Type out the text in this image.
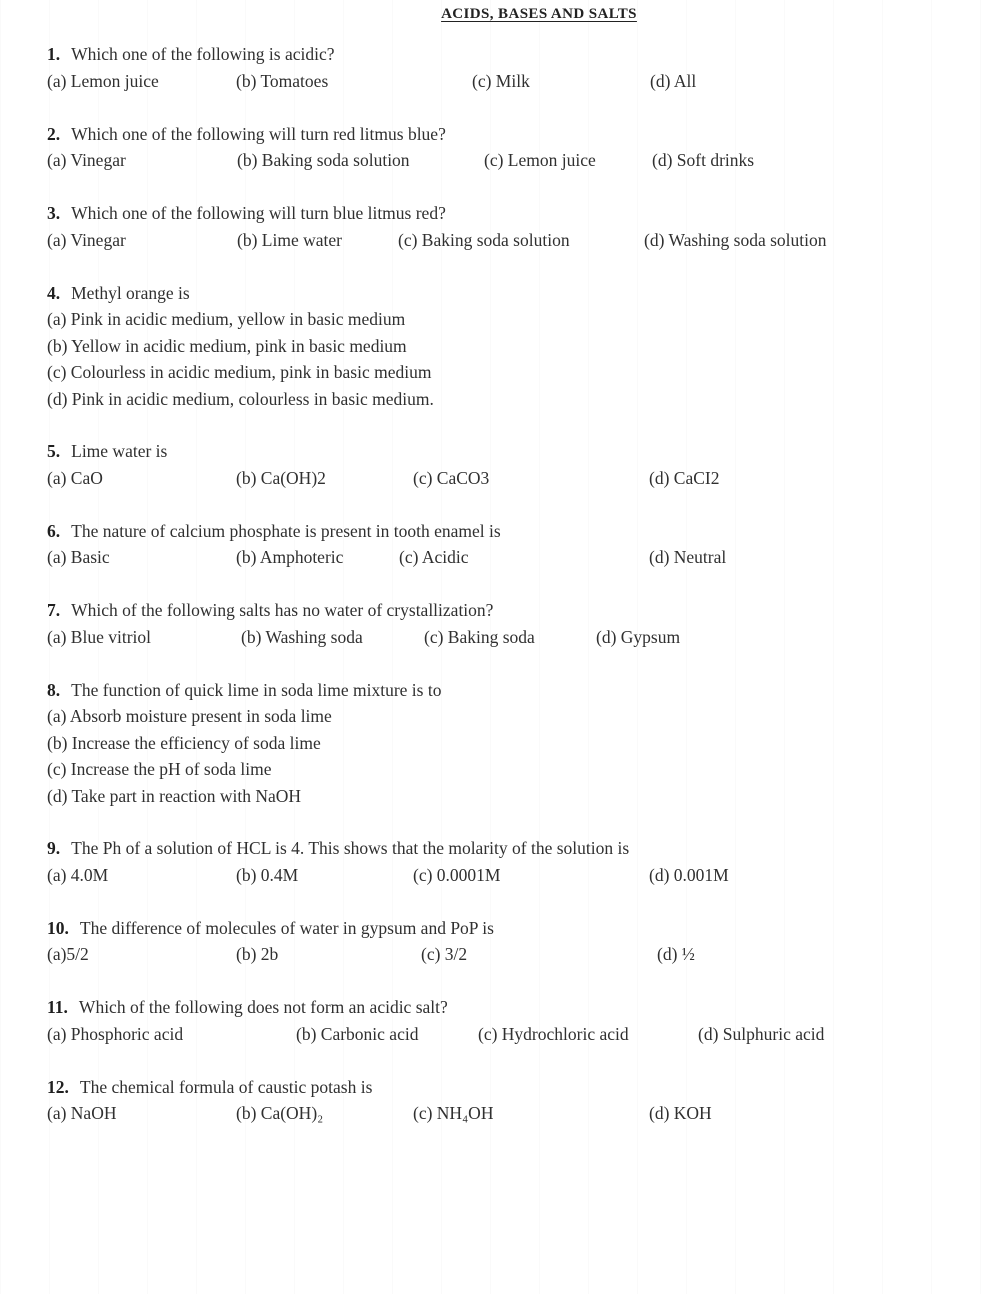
ACIDS, BASES AND SALTS
1. Which one of the following is acidic?
(a) Lemon juice	(b) Tomatoes	(c) Milk	(d) All
2. Which one of the following will turn red litmus blue?
(a) Vinegar	(b) Baking soda solution	(c) Lemon juice	(d) Soft drinks
3. Which one of the following will turn blue litmus red?
(a) Vinegar	(b) Lime water	(c) Baking soda solution	(d) Washing soda solution
4. Methyl orange is
(a) Pink in acidic medium, yellow in basic medium
(b) Yellow in acidic medium, pink in basic medium
(c) Colourless in acidic medium, pink in basic medium
(d) Pink in acidic medium, colourless in basic medium.
5. Lime water is
(a) CaO	(b) Ca(OH)2	(c) CaCO3	(d) CaCI2
6. The nature of calcium phosphate is present in tooth enamel is
(a) Basic	(b) Amphoteric	(c) Acidic	(d) Neutral
7. Which of the following salts has no water of crystallization?
(a) Blue vitriol	(b) Washing soda	(c) Baking soda	(d) Gypsum
8. The function of quick lime in soda lime mixture is to
(a) Absorb moisture present in soda lime
(b) Increase the efficiency of soda lime
(c) Increase the pH of soda lime
(d) Take part in reaction with NaOH
9. The Ph of a solution of HCL is 4. This shows that the molarity of the solution is
(a) 4.0M	(b) 0.4M	(c) 0.0001M	(d) 0.001M
10. The difference of molecules of water in gypsum and PoP is
(a)5/2	(b) 2b	(c) 3/2	(d) ½
11. Which of the following does not form an acidic salt?
(a) Phosphoric acid	(b) Carbonic acid	(c) Hydrochloric acid	(d) Sulphuric acid
12. The chemical formula of caustic potash is
(a) NaOH	(b) Ca(OH)₂	(c) NH₄OH	(d) KOH
